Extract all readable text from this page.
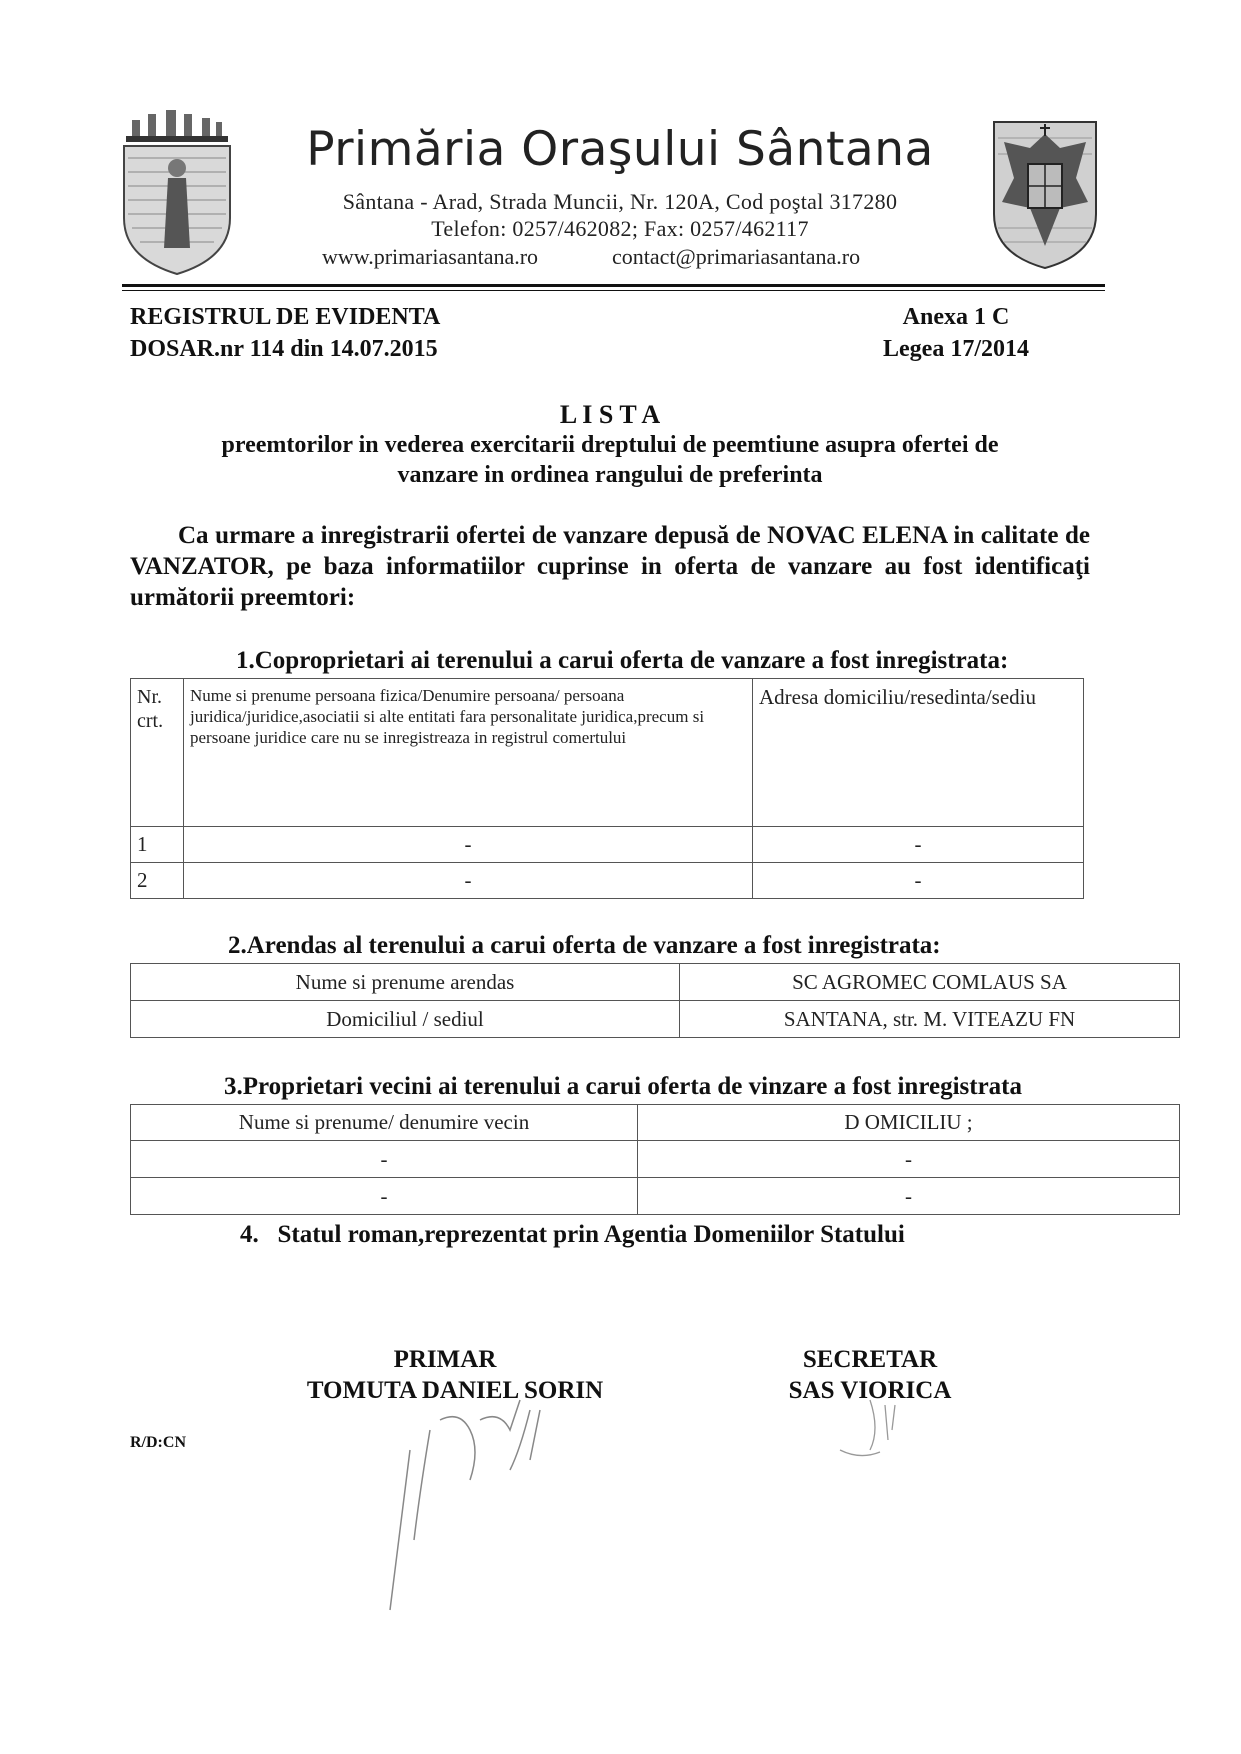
Primăria Oraşului Sântana
Sântana - Arad, Strada Muncii, Nr. 120A, Cod poştal 317280
Telefon: 0257/462082; Fax: 0257/462117
www.primariasantana.ro	contact@primariasantana.ro
REGISTRUL DE EVIDENTA
DOSAR.nr 114 din 14.07.2015
Anexa 1 C
Legea 17/2014
L I S T A
preemtorilor in vederea exercitarii dreptului de peemtiune asupra ofertei de
vanzare in ordinea rangului de preferinta
Ca urmare a inregistrarii ofertei de vanzare depusă de NOVAC ELENA in calitate de VANZATOR, pe baza informatiilor cuprinse in oferta de vanzare au fost identificaţi următorii preemtori:
1.Coproprietari ai terenului a carui oferta de vanzare a fost inregistrata:
Nr. crt.	Nume si prenume persoana fizica/Denumire persoana/ persoana juridica/juridice,asociatii si alte entitati fara personalitate juridica,precum si persoane juridice care nu se inregistreaza in registrul comertului	Adresa domiciliu/resedinta/sediu
1	-	-
2	-	-
2.Arendas al terenului a carui oferta de vanzare a fost inregistrata:
Nume si prenume arendas	SC AGROMEC COMLAUS SA
Domiciliul / sediul	SANTANA, str. M. VITEAZU FN
3.Proprietari vecini ai terenului a carui oferta de vinzare a fost inregistrata
Nume si prenume/ denumire vecin	D OMICILIU ;
-	-
-	-
4.   Statul roman,reprezentat prin Agentia Domeniilor Statului
PRIMAR
TOMUTA DANIEL SORIN
SECRETAR
SAS VIORICA
R/D:CN
